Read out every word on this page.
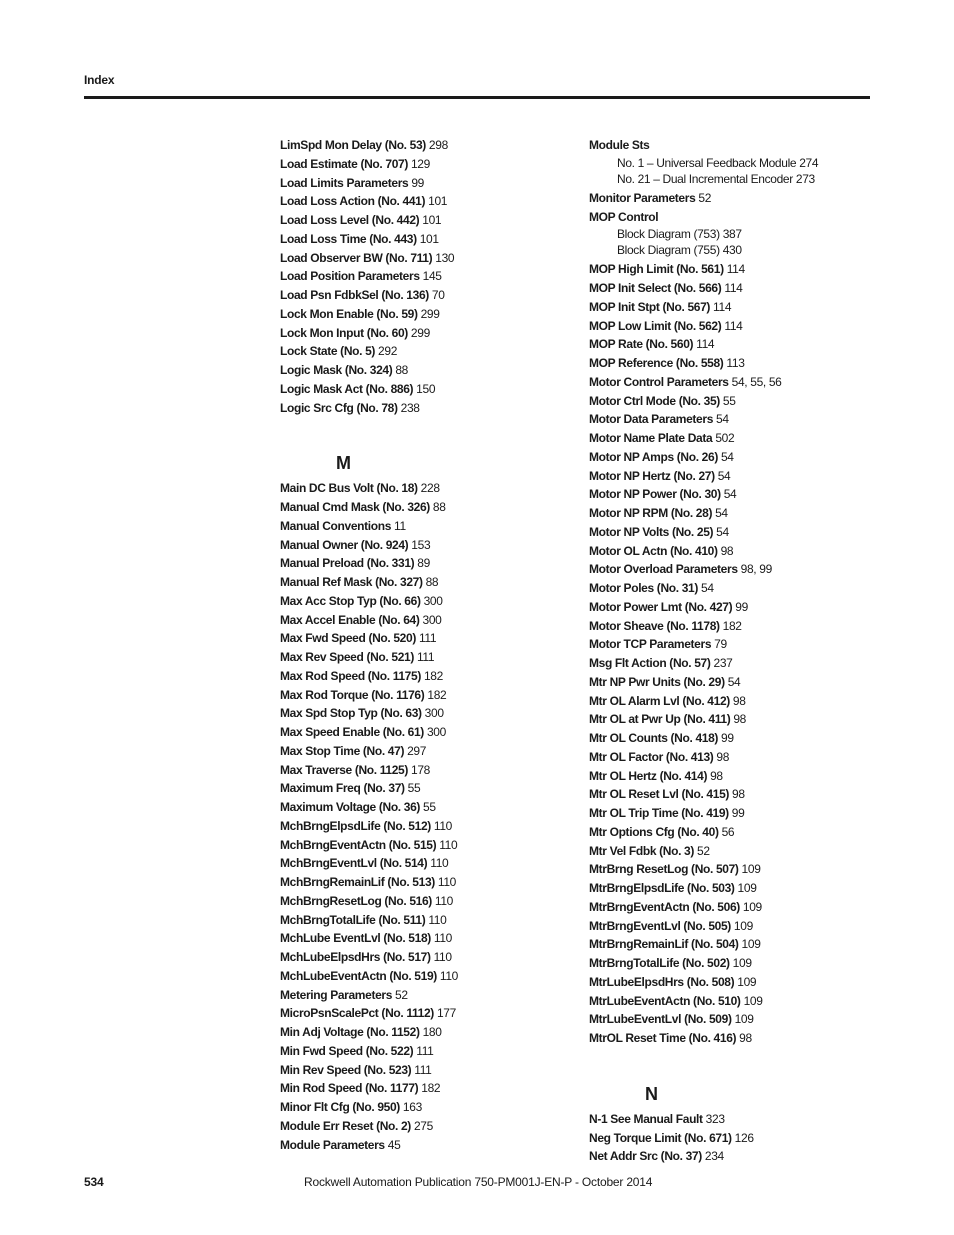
Index
LimSpd Mon Delay (No. 53) 298
Load Estimate (No. 707) 129
Load Limits Parameters 99
Load Loss Action (No. 441) 101
Load Loss Level (No. 442) 101
Load Loss Time (No. 443) 101
Load Observer BW (No. 711) 130
Load Position Parameters 145
Load Psn FdbkSel (No. 136) 70
Lock Mon Enable (No. 59) 299
Lock Mon Input (No. 60) 299
Lock State (No. 5) 292
Logic Mask (No. 324) 88
Logic Mask Act (No. 886) 150
Logic Src Cfg (No. 78) 238
M
Main DC Bus Volt (No. 18) 228
Manual Cmd Mask (No. 326) 88
Manual Conventions 11
Manual Owner (No. 924) 153
Manual Preload (No. 331) 89
Manual Ref Mask (No. 327) 88
Max Acc Stop Typ (No. 66) 300
Max Accel Enable (No. 64) 300
Max Fwd Speed (No. 520) 111
Max Rev Speed (No. 521) 111
Max Rod Speed (No. 1175) 182
Max Rod Torque (No. 1176) 182
Max Spd Stop Typ (No. 63) 300
Max Speed Enable (No. 61) 300
Max Stop Time (No. 47) 297
Max Traverse (No. 1125) 178
Maximum Freq (No. 37) 55
Maximum Voltage (No. 36) 55
MchBrngElpsdLife (No. 512) 110
MchBrngEventActn (No. 515) 110
MchBrngEventLvl (No. 514) 110
MchBrngRemainLif (No. 513) 110
MchBrngResetLog (No. 516) 110
MchBrngTotalLife (No. 511) 110
MchLube EventLvl (No. 518) 110
MchLubeElpsdHrs (No. 517) 110
MchLubeEventActn (No. 519) 110
Metering Parameters 52
MicroPsnScalePct (No. 1112) 177
Min Adj Voltage (No. 1152) 180
Min Fwd Speed (No. 522) 111
Min Rev Speed (No. 523) 111
Min Rod Speed (No. 1177) 182
Minor Flt Cfg (No. 950) 163
Module Err Reset (No. 2) 275
Module Parameters 45
Module Sts
No. 1 – Universal Feedback Module 274
No. 21 – Dual Incremental Encoder 273
Monitor Parameters 52
MOP Control
Block Diagram (753) 387
Block Diagram (755) 430
MOP High Limit (No. 561) 114
MOP Init Select (No. 566) 114
MOP Init Stpt (No. 567) 114
MOP Low Limit (No. 562) 114
MOP Rate (No. 560) 114
MOP Reference (No. 558) 113
Motor Control Parameters 54, 55, 56
Motor Ctrl Mode (No. 35) 55
Motor Data Parameters 54
Motor Name Plate Data 502
Motor NP Amps (No. 26) 54
Motor NP Hertz (No. 27) 54
Motor NP Power (No. 30) 54
Motor NP RPM (No. 28) 54
Motor NP Volts (No. 25) 54
Motor OL Actn (No. 410) 98
Motor Overload Parameters 98, 99
Motor Poles (No. 31) 54
Motor Power Lmt (No. 427) 99
Motor Sheave (No. 1178) 182
Motor TCP Parameters 79
Msg Flt Action (No. 57) 237
Mtr NP Pwr Units (No. 29) 54
Mtr OL Alarm Lvl (No. 412) 98
Mtr OL at Pwr Up (No. 411) 98
Mtr OL Counts (No. 418) 99
Mtr OL Factor (No. 413) 98
Mtr OL Hertz (No. 414) 98
Mtr OL Reset Lvl (No. 415) 98
Mtr OL Trip Time (No. 419) 99
Mtr Options Cfg (No. 40) 56
Mtr Vel Fdbk (No. 3) 52
MtrBrng ResetLog (No. 507) 109
MtrBrngElpsdLife (No. 503) 109
MtrBrngEventActn (No. 506) 109
MtrBrngEventLvl (No. 505) 109
MtrBrngRemainLif (No. 504) 109
MtrBrngTotalLife (No. 502) 109
MtrLubeElpsdHrs (No. 508) 109
MtrLubeEventActn (No. 510) 109
MtrLubeEventLvl (No. 509) 109
MtrOL Reset Time (No. 416) 98
N
N-1 See Manual Fault 323
Neg Torque Limit (No. 671) 126
Net Addr Src (No. 37) 234
534	Rockwell Automation Publication 750-PM001J-EN-P - October 2014
